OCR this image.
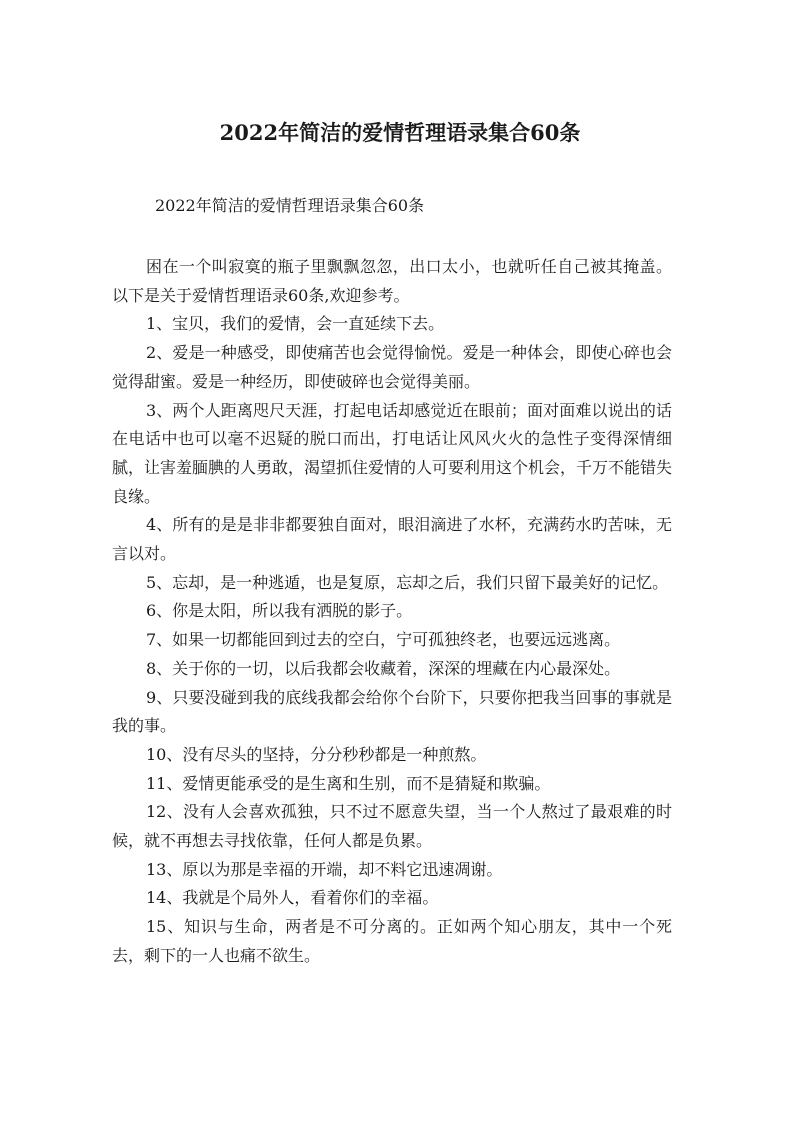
2022年简洁的爱情哲理语录集合60条

2022年简洁的爱情哲理语录集合60条

困在一个叫寂寞的瓶子里飘飘忽忽，出口太小，也就听任自己被其掩盖。以下是关于爱情哲理语录60条,欢迎参考。

1、宝贝，我们的爱情，会一直延续下去。

2、爱是一种感受，即使痛苦也会觉得愉悦。爱是一种体会，即使心碎也会觉得甜蜜。爱是一种经历，即使破碎也会觉得美丽。

3、两个人距离咫尺天涯，打起电话却感觉近在眼前；面对面难以说出的话在电话中也可以毫不迟疑的脱口而出，打电话让风风火火的急性子变得深情细腻，让害羞腼腆的人勇敢，渴望抓住爱情的人可要利用这个机会，千万不能错失良缘。

4、所有的是是非非都要独自面对，眼泪滴进了水杯，充满药水旳苦味，无言以对。

5、忘却，是一种逃遁，也是复原，忘却之后，我们只留下最美好的记忆。

6、你是太阳，所以我有洒脱的影子。

7、如果一切都能回到过去的空白，宁可孤独终老，也要远远逃离。

8、关于你的一切，以后我都会收藏着，深深的埋藏在内心最深处。

9、只要没碰到我的底线我都会给你个台阶下，只要你把我当回事的事就是我的事。

10、没有尽头的坚持，分分秒秒都是一种煎熬。

11、爱情更能承受的是生离和生别，而不是猜疑和欺骗。

12、没有人会喜欢孤独，只不过不愿意失望，当一个人熬过了最艰难的时候，就不再想去寻找依靠，任何人都是负累。

13、原以为那是幸福的开端，却不料它迅速凋谢。

14、我就是个局外人，看着你们的幸福。

15、知识与生命，两者是不可分离的。正如两个知心朋友，其中一个死去，剩下的一人也痛不欲生。
